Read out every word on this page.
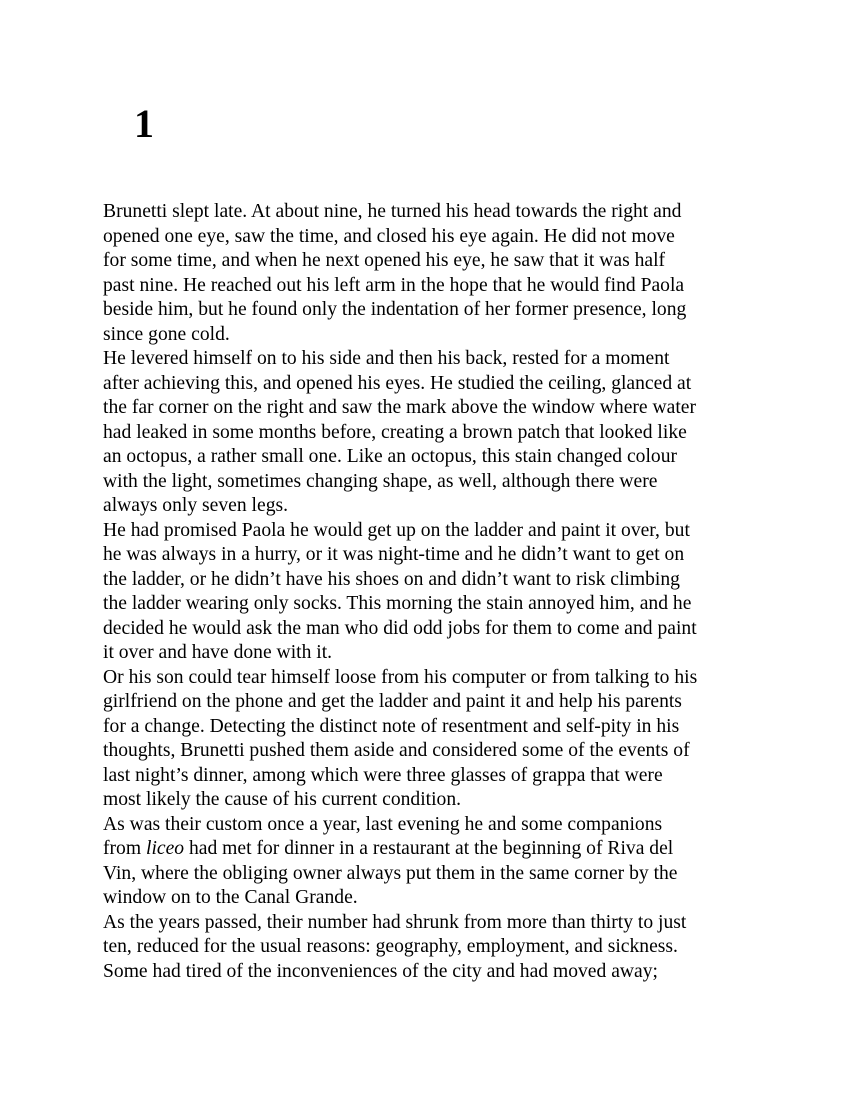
1

Brunetti slept late. At about nine, he turned his head towards the right and
opened one eye, saw the time, and closed his eye again. He did not move
for some time, and when he next opened his eye, he saw that it was half
past nine. He reached out his left arm in the hope that he would find Paola
beside him, but he found only the indentation of her former presence, long
since gone cold.

He levered himself on to his side and then his back, rested for a moment
after achieving this, and opened his eyes. He studied the ceiling, glanced at
the far corner on the right and saw the mark above the window where water
had leaked in some months before, creating a brown patch that looked like
an octopus, a rather small one. Like an octopus, this stain changed colour
with the light, sometimes changing shape, as well, although there were
always only seven legs.

He had promised Paola he would get up on the ladder and paint it over, but
he was always in a hurry, or it was night-time and he didn’t want to get on
the ladder, or he didn’t have his shoes on and didn’t want to risk climbing
the ladder wearing only socks. This morning the stain annoyed him, and he
decided he would ask the man who did odd jobs for them to come and paint
it over and have done with it.

Or his son could tear himself loose from his computer or from talking to his
girlfriend on the phone and get the ladder and paint it and help his parents
for a change. Detecting the distinct note of resentment and self-pity in his
thoughts, Brunetti pushed them aside and considered some of the events of
last night’s dinner, among which were three glasses of grappa that were
most likely the cause of his current condition.

As was their custom once a year, last evening he and some companions
from liceo had met for dinner in a restaurant at the beginning of Riva del
Vin, where the obliging owner always put them in the same corner by the
window on to the Canal Grande.

As the years passed, their number had shrunk from more than thirty to just
ten, reduced for the usual reasons: geography, employment, and sickness.
Some had tired of the inconveniences of the city and had moved away;
